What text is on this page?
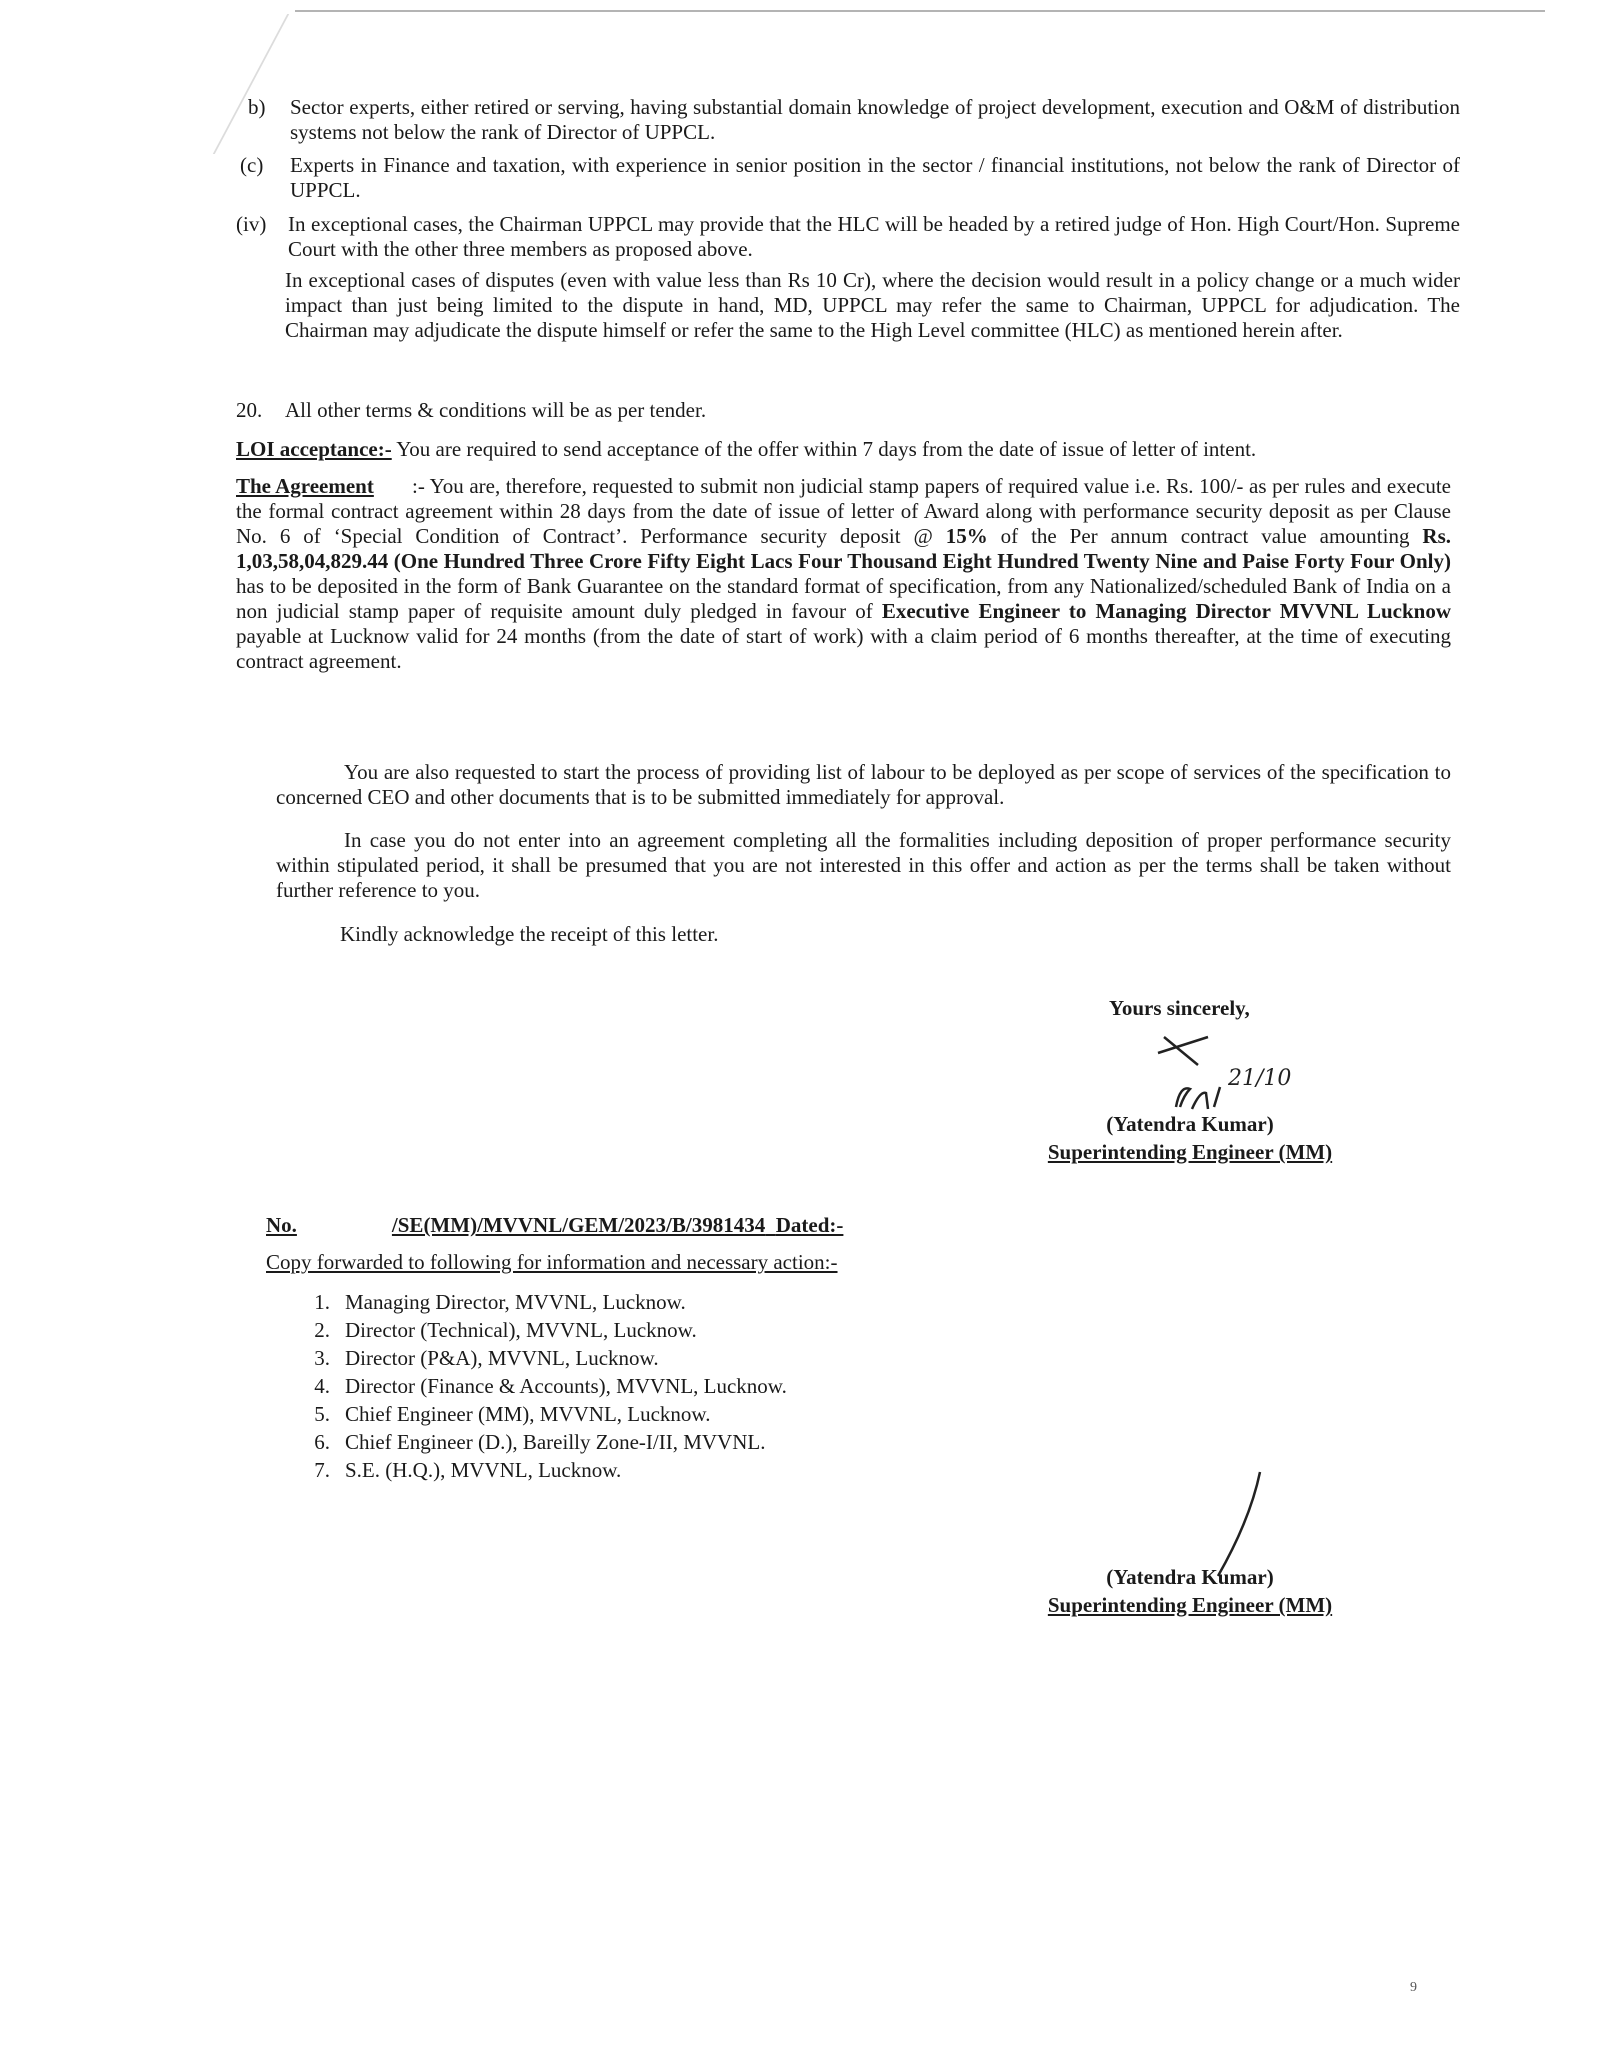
b) Sector experts, either retired or serving, having substantial domain knowledge of project development, execution and O&M of distribution systems not below the rank of Director of UPPCL.
(c) Experts in Finance and taxation, with experience in senior position in the sector / financial institutions, not below the rank of Director of UPPCL.
(iv) In exceptional cases, the Chairman UPPCL may provide that the HLC will be headed by a retired judge of Hon. High Court/Hon. Supreme Court with the other three members as proposed above.
In exceptional cases of disputes (even with value less than Rs 10 Cr), where the decision would result in a policy change or a much wider impact than just being limited to the dispute in hand, MD, UPPCL may refer the same to Chairman, UPPCL for adjudication. The Chairman may adjudicate the dispute himself or refer the same to the High Level committee (HLC) as mentioned herein after.
20. All other terms & conditions will be as per tender.
LOI acceptance:- You are required to send acceptance of the offer within 7 days from the date of issue of letter of intent.
The Agreement	:- You are, therefore, requested to submit non judicial stamp papers of required value i.e. Rs. 100/- as per rules and execute the formal contract agreement within 28 days from the date of issue of letter of Award along with performance security deposit as per Clause No. 6 of ‘Special Condition of Contract’. Performance security deposit @ 15% of the Per annum contract value amounting Rs. 1,03,58,04,829.44 (One Hundred Three Crore Fifty Eight Lacs Four Thousand Eight Hundred Twenty Nine and Paise Forty Four Only) has to be deposited in the form of Bank Guarantee on the standard format of specification, from any Nationalized/scheduled Bank of India on a non judicial stamp paper of requisite amount duly pledged in favour of Executive Engineer to Managing Director MVVNL Lucknow payable at Lucknow valid for 24 months (from the date of start of work) with a claim period of 6 months thereafter, at the time of executing contract agreement.
You are also requested to start the process of providing list of labour to be deployed as per scope of services of the specification to concerned CEO and other documents that is to be submitted immediately for approval.
In case you do not enter into an agreement completing all the formalities including deposition of proper performance security within stipulated period, it shall be presumed that you are not interested in this offer and action as per the terms shall be taken without further reference to you.
Kindly acknowledge the receipt of this letter.
Yours sincerely,
21/10
(Yatendra Kumar)
Superintending Engineer (MM)
No.	/SE(MM)/MVVNL/GEM/2023/B/3981434 Dated:-
Copy forwarded to following for information and necessary action:-
1. Managing Director, MVVNL, Lucknow.
2. Director (Technical), MVVNL, Lucknow.
3. Director (P&A), MVVNL, Lucknow.
4. Director (Finance & Accounts), MVVNL, Lucknow.
5. Chief Engineer (MM), MVVNL, Lucknow.
6. Chief Engineer (D.), Bareilly Zone-I/II, MVVNL.
7. S.E. (H.Q.), MVVNL, Lucknow.
(Yatendra Kumar)
Superintending Engineer (MM)
9
